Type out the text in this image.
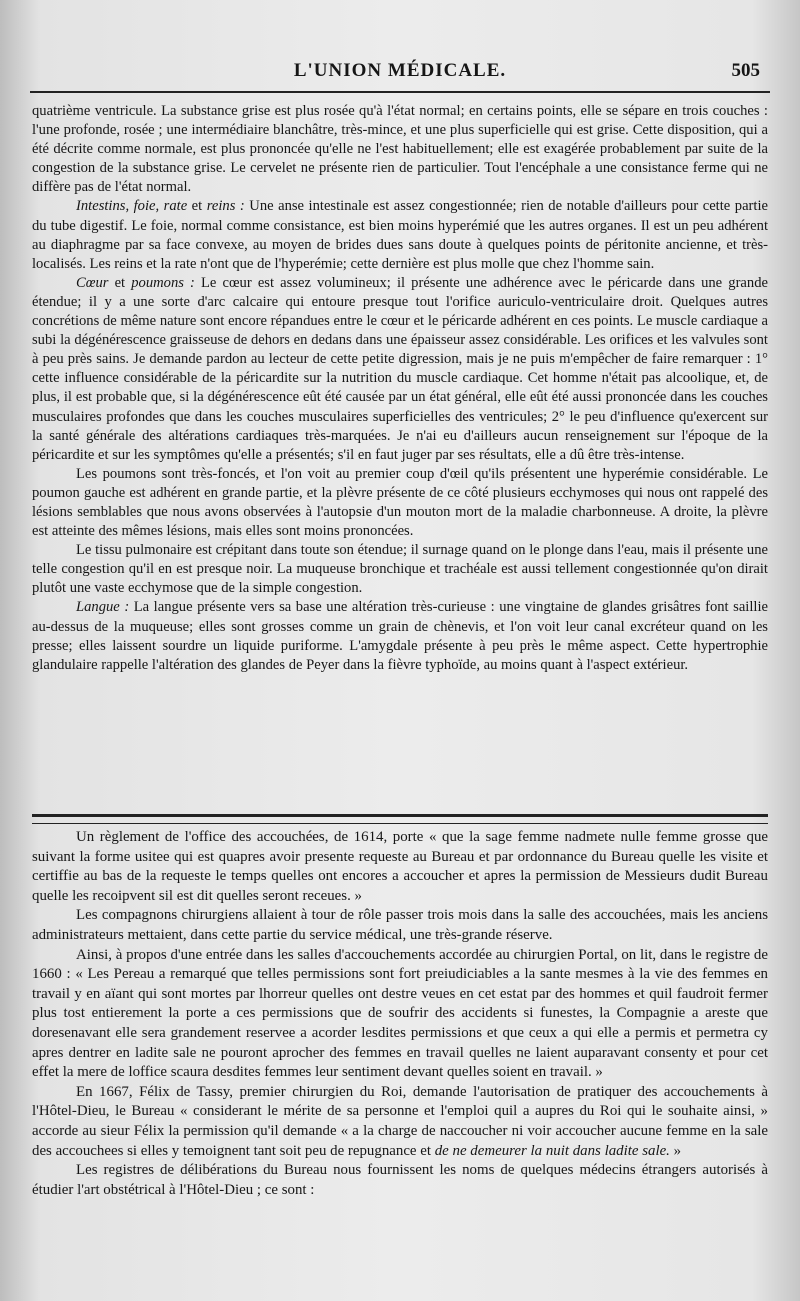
L'UNION MÉDICALE.	505

quatrième ventricule. La substance grise est plus rosée qu'à l'état normal; en certains points, elle se sépare en trois couches : l'une profonde, rosée ; une intermédiaire blanchâtre, très-mince, et une plus superficielle qui est grise. Cette disposition, qui a été décrite comme normale, est plus prononcée qu'elle ne l'est habituellement; elle est exagérée probablement par suite de la congestion de la substance grise. Le cervelet ne présente rien de particulier. Tout l'encéphale a une consistance ferme qui ne diffère pas de l'état normal.

Intestins, foie, rate et reins : Une anse intestinale est assez congestionnée; rien de notable d'ailleurs pour cette partie du tube digestif. Le foie, normal comme consistance, est bien moins hyperémié que les autres organes. Il est un peu adhérent au diaphragme par sa face convexe, au moyen de brides dues sans doute à quelques points de péritonite ancienne, et très-localisés. Les reins et la rate n'ont que de l'hyperémie; cette dernière est plus molle que chez l'homme sain.

Cœur et poumons : Le cœur est assez volumineux; il présente une adhérence avec le péricarde dans une grande étendue; il y a une sorte d'arc calcaire qui entoure presque tout l'orifice auriculo-ventriculaire droit. Quelques autres concrétions de même nature sont encore répandues entre le cœur et le péricarde adhérent en ces points. Le muscle cardiaque a subi la dégénérescence graisseuse de dehors en dedans dans une épaisseur assez considérable. Les orifices et les valvules sont à peu près sains. Je demande pardon au lecteur de cette petite digression, mais je ne puis m'empêcher de faire remarquer : 1° cette influence considérable de la péricardite sur la nutrition du muscle cardiaque. Cet homme n'était pas alcoolique, et, de plus, il est probable que, si la dégénérescence eût été causée par un état général, elle eût été aussi prononcée dans les couches musculaires profondes que dans les couches musculaires superficielles des ventricules; 2° le peu d'influence qu'exercent sur la santé générale des altérations cardiaques très-marquées. Je n'ai eu d'ailleurs aucun renseignement sur l'époque de la péricardite et sur les symptômes qu'elle a présentés; s'il en faut juger par ses résultats, elle a dû être très-intense.

Les poumons sont très-foncés, et l'on voit au premier coup d'œil qu'ils présentent une hyperémie considérable. Le poumon gauche est adhérent en grande partie, et la plèvre présente de ce côté plusieurs ecchymoses qui nous ont rappelé des lésions semblables que nous avons observées à l'autopsie d'un mouton mort de la maladie charbonneuse. A droite, la plèvre est atteinte des mêmes lésions, mais elles sont moins prononcées.

Le tissu pulmonaire est crépitant dans toute son étendue; il surnage quand on le plonge dans l'eau, mais il présente une telle congestion qu'il en est presque noir. La muqueuse bronchique et trachéale est aussi tellement congestionnée qu'on dirait plutôt une vaste ecchymose que de la simple congestion.

Langue : La langue présente vers sa base une altération très-curieuse : une vingtaine de glandes grisâtres font saillie au-dessus de la muqueuse; elles sont grosses comme un grain de chènevis, et l'on voit leur canal excréteur quand on les presse; elles laissent sourdre un liquide puriforme. L'amygdale présente à peu près le même aspect. Cette hypertrophie glandulaire rappelle l'altération des glandes de Peyer dans la fièvre typhoïde, au moins quant à l'aspect extérieur.

Un règlement de l'office des accouchées, de 1614, porte « que la sage femme nadmete nulle femme grosse que suivant la forme usitee qui est quapres avoir presente requeste au Bureau et par ordonnance du Bureau quelle les visite et certiffie au bas de la requeste le temps quelles ont encores a accoucher et apres la permission de Messieurs dudit Bureau quelle les recoipvent sil est dit quelles seront receues. »

Les compagnons chirurgiens allaient à tour de rôle passer trois mois dans la salle des accouchées, mais les anciens administrateurs mettaient, dans cette partie du service médical, une très-grande réserve.

Ainsi, à propos d'une entrée dans les salles d'accouchements accordée au chirurgien Portal, on lit, dans le registre de 1660 : « Les Pereau a remarqué que telles permissions sont fort preiudiciables a la sante mesmes à la vie des femmes en travail y en aïant qui sont mortes par lhorreur quelles ont destre veues en cet estat par des hommes et quil faudroit fermer plus tost entierement la porte a ces permissions que de soufrir des accidents si funestes, la Compagnie a areste que doresenavant elle sera grandement reservee a acorder lesdites permissions et que ceux a qui elle a permis et permetra cy apres dentrer en ladite sale ne pouront aprocher des femmes en travail quelles ne laient auparavant consenty et pour cet effet la mere de loffice scaura desdites femmes leur sentiment devant quelles soient en travail. »

En 1667, Félix de Tassy, premier chirurgien du Roi, demande l'autorisation de pratiquer des accouchements à l'Hôtel-Dieu, le Bureau « considerant le mérite de sa personne et l'emploi quil a aupres du Roi qui le souhaite ainsi, » accorde au sieur Félix la permission qu'il demande « a la charge de naccoucher ni voir accoucher aucune femme en la sale des accouchees si elles y temoignent tant soit peu de repugnance et de ne demeurer la nuit dans ladite sale. »

Les registres de délibérations du Bureau nous fournissent les noms de quelques médecins étrangers autorisés à étudier l'art obstétrical à l'Hôtel-Dieu ; ce sont :
